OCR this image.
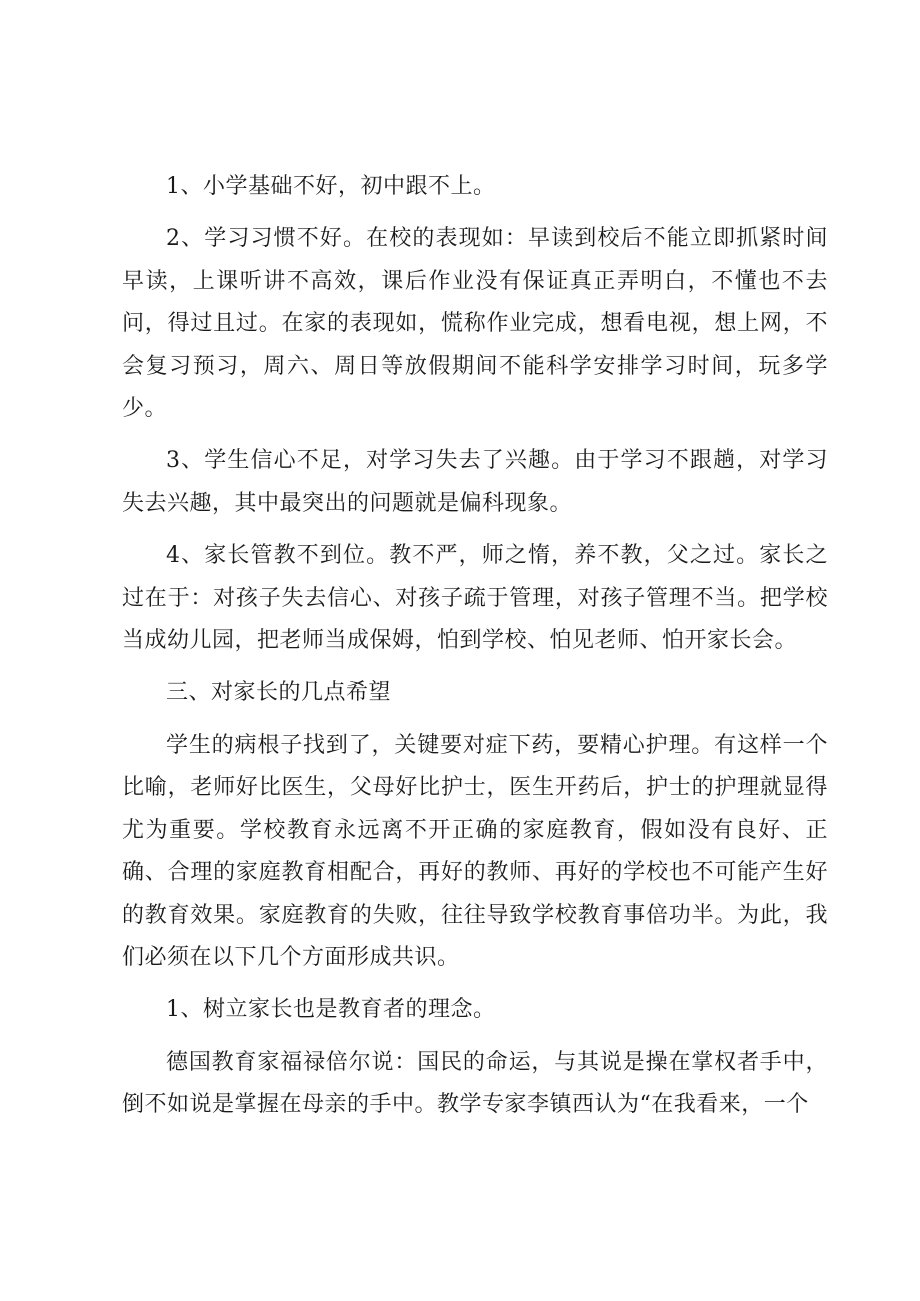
1、小学基础不好，初中跟不上。

2、学习习惯不好。在校的表现如：早读到校后不能立即抓紧时间早读，上课听讲不高效，课后作业没有保证真正弄明白，不懂也不去问，得过且过。在家的表现如，慌称作业完成，想看电视，想上网，不会复习预习，周六、周日等放假期间不能科学安排学习时间，玩多学少。

3、学生信心不足，对学习失去了兴趣。由于学习不跟趟，对学习失去兴趣，其中最突出的问题就是偏科现象。

4、家长管教不到位。教不严，师之惰，养不教，父之过。家长之过在于：对孩子失去信心、对孩子疏于管理，对孩子管理不当。把学校当成幼儿园，把老师当成保姆，怕到学校、怕见老师、怕开家长会。

三、对家长的几点希望

学生的病根子找到了，关键要对症下药，要精心护理。有这样一个比喻，老师好比医生，父母好比护士，医生开药后，护士的护理就显得尤为重要。学校教育永远离不开正确的家庭教育，假如没有良好、正确、合理的家庭教育相配合，再好的教师、再好的学校也不可能产生好的教育效果。家庭教育的失败，往往导致学校教育事倍功半。为此，我们必须在以下几个方面形成共识。

1、树立家长也是教育者的理念。

德国教育家福禄倍尔说：国民的命运，与其说是操在掌权者手中，倒不如说是掌握在母亲的手中。教学专家李镇西认为“在我看来，一个
